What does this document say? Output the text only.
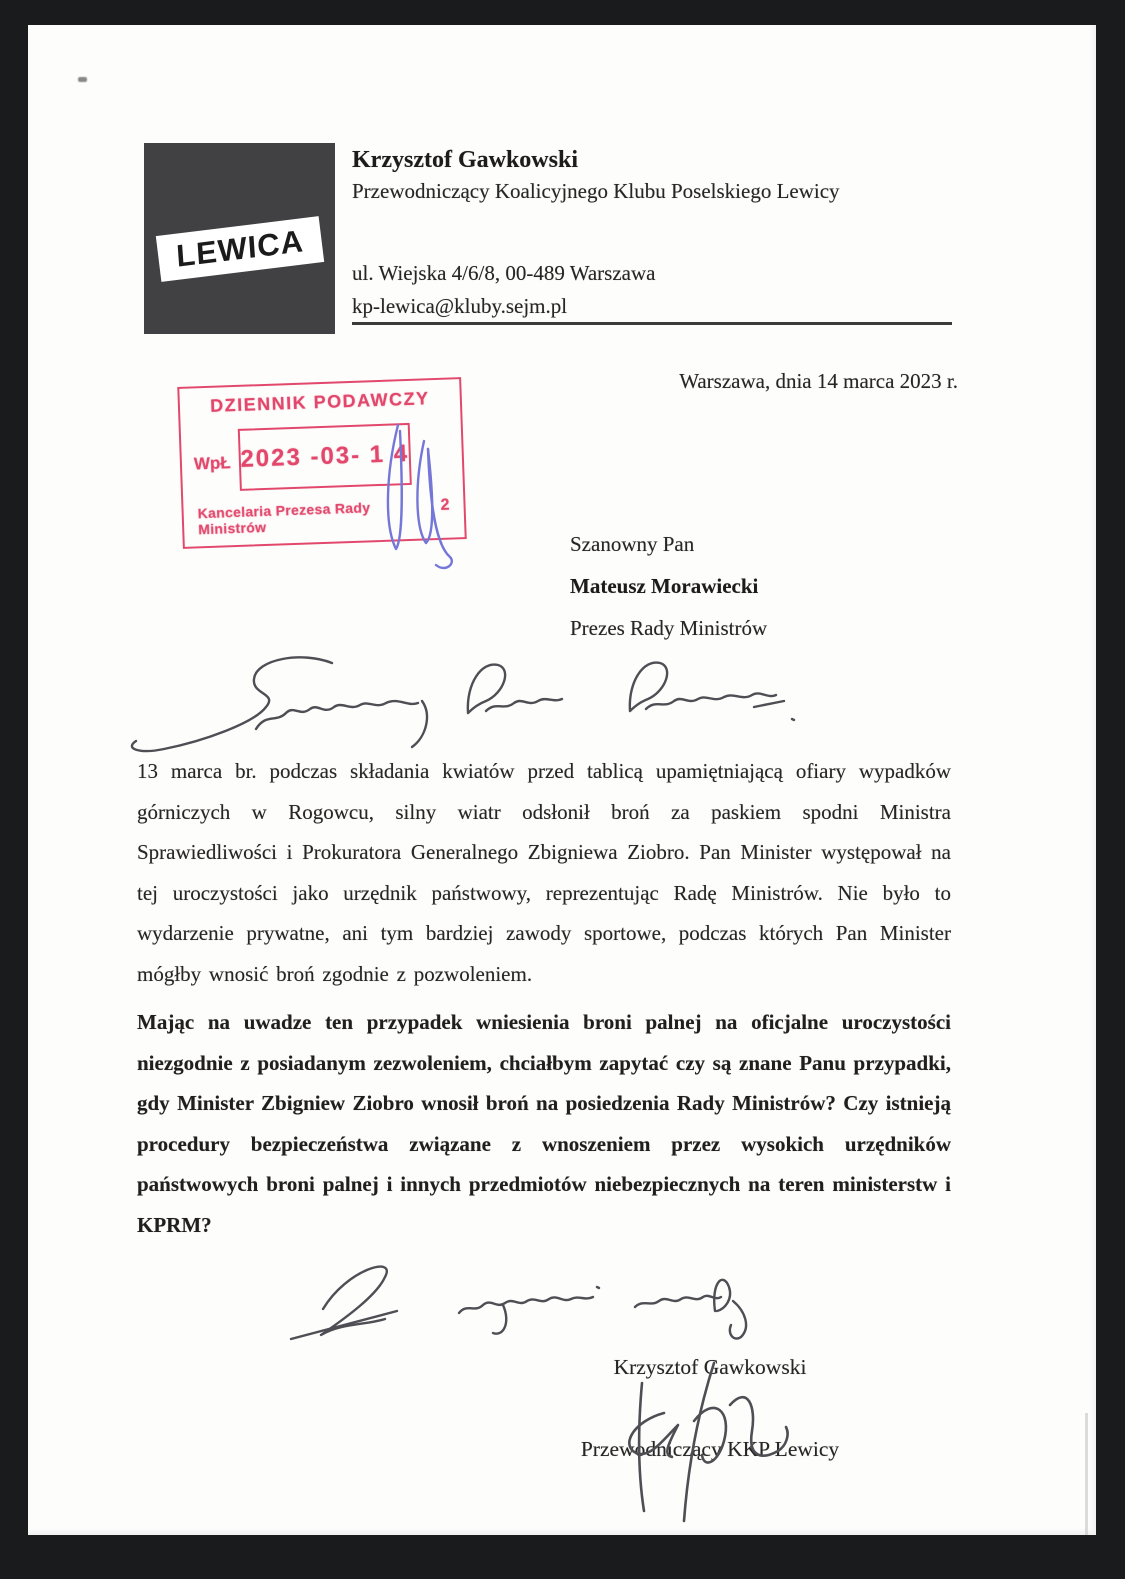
LEWICA
Krzysztof Gawkowski
Przewodniczący Koalicyjnego Klubu Poselskiego Lewicy
ul. Wiejska 4/6/8, 00-489 Warszawa
kp-lewica@kluby.sejm.pl
Warszawa, dnia 14 marca 2023 r.
DZIENNIK PODAWCZY
WpŁ 2023 -03- 1 4
Kancelaria Prezesa Rady Ministrów
2
Szanowny Pan
Mateusz Morawiecki
Prezes Rady Ministrów

13 marca br. podczas składania kwiatów przed tablicą upamiętniającą ofiary wypadków górniczych w Rogowcu, silny wiatr odsłonił broń za paskiem spodni Ministra Sprawiedliwości i Prokuratora Generalnego Zbigniewa Ziobro. Pan Minister występował na tej uroczystości jako urzędnik państwowy, reprezentując Radę Ministrów. Nie było to wydarzenie prywatne, ani tym bardziej zawody sportowe, podczas których Pan Minister mógłby wnosić broń zgodnie z pozwoleniem.

Mając na uwadze ten przypadek wniesienia broni palnej na oficjalne uroczystości niezgodnie z posiadanym zezwoleniem, chciałbym zapytać czy są znane Panu przypadki, gdy Minister Zbigniew Ziobro wnosił broń na posiedzenia Rady Ministrów? Czy istnieją procedury bezpieczeństwa związane z wnoszeniem przez wysokich urzędników państwowych broni palnej i innych przedmiotów niebezpiecznych na teren ministerstw i KPRM?

Krzysztof Gawkowski
Przewodniczący KKP Lewicy
